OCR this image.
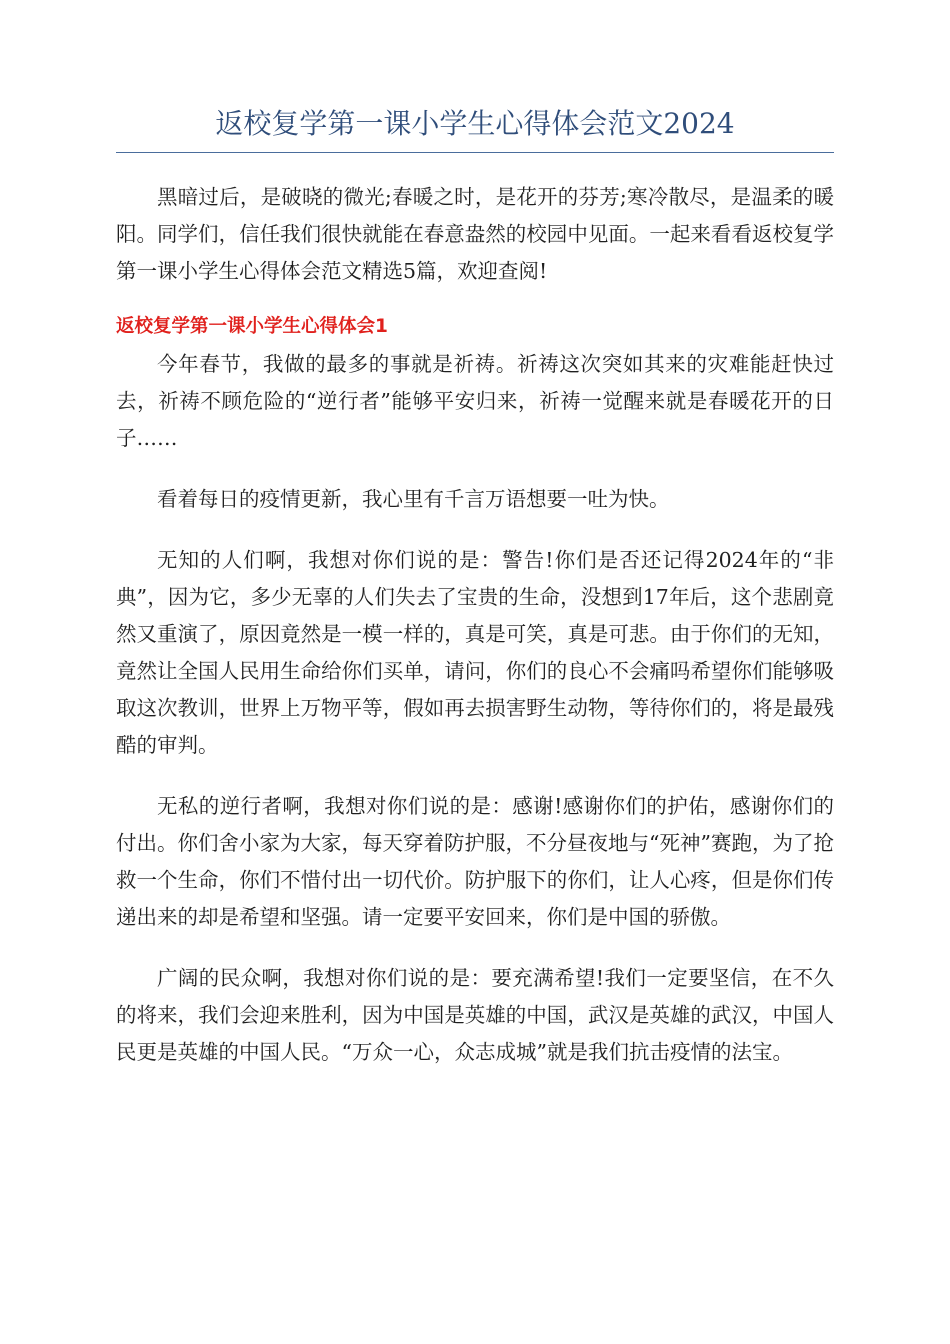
返校复学第一课小学生心得体会范文2024

黑暗过后，是破晓的微光;春暖之时，是花开的芬芳;寒冷散尽，是温柔的暖阳。同学们，信任我们很快就能在春意盎然的校园中见面。一起来看看返校复学第一课小学生心得体会范文精选5篇，欢迎查阅!

返校复学第一课小学生心得体会1

今年春节，我做的最多的事就是祈祷。祈祷这次突如其来的灾难能赶快过去，祈祷不顾危险的“逆行者”能够平安归来，祈祷一觉醒来就是春暖花开的日子……

看着每日的疫情更新，我心里有千言万语想要一吐为快。

无知的人们啊，我想对你们说的是：警告!你们是否还记得2024年的“非典”，因为它，多少无辜的人们失去了宝贵的生命，没想到17年后，这个悲剧竟然又重演了，原因竟然是一模一样的，真是可笑，真是可悲。由于你们的无知，竟然让全国人民用生命给你们买单，请问，你们的良心不会痛吗希望你们能够吸取这次教训，世界上万物平等，假如再去损害野生动物，等待你们的，将是最残酷的审判。

无私的逆行者啊，我想对你们说的是：感谢!感谢你们的护佑，感谢你们的付出。你们舍小家为大家，每天穿着防护服，不分昼夜地与“死神”赛跑，为了抢救一个生命，你们不惜付出一切代价。防护服下的你们，让人心疼，但是你们传递出来的却是希望和坚强。请一定要平安回来，你们是中国的骄傲。

广阔的民众啊，我想对你们说的是：要充满希望!我们一定要坚信，在不久的将来，我们会迎来胜利，因为中国是英雄的中国，武汉是英雄的武汉，中国人民更是英雄的中国人民。“万众一心，众志成城”就是我们抗击疫情的法宝。
